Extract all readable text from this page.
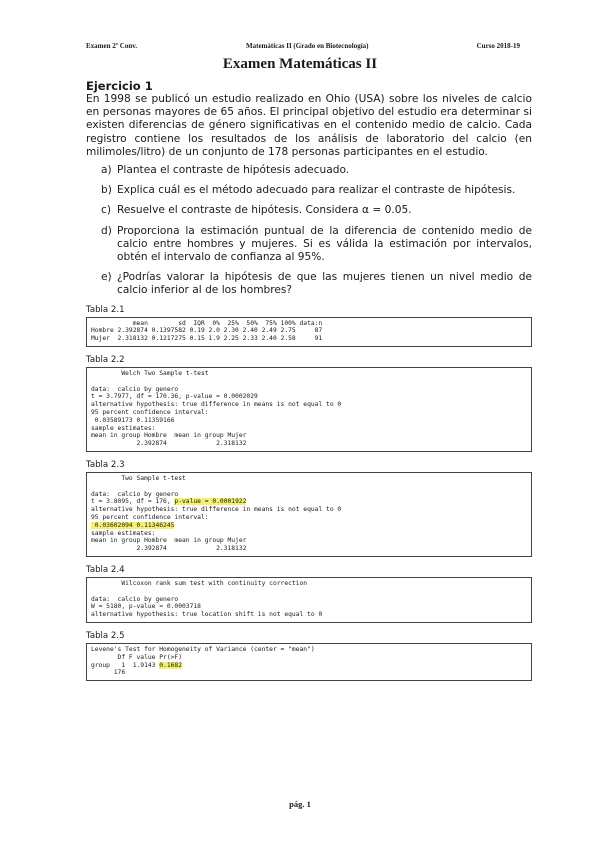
Examen 2º Conv.	Matemáticas II (Grado en Biotecnología)	Curso 2018-19
Examen Matemáticas II

Ejercicio 1

En 1998 se publicó un estudio realizado en Ohio (USA) sobre los niveles de calcio en personas mayores de 65 años. El principal objetivo del estudio era determinar si existen diferencias de género significativas en el contenido medio de calcio. Cada registro contiene los resultados de los análisis de laboratorio del calcio (en milimoles/litro) de un conjunto de 178 personas participantes en el estudio.

a) Plantea el contraste de hipótesis adecuado.
b) Explica cuál es el método adecuado para realizar el contraste de hipótesis.
c) Resuelve el contraste de hipótesis. Considera α = 0.05.
d) Proporciona la estimación puntual de la diferencia de contenido medio de calcio entre hombres y mujeres. Si es válida la estimación por intervalos, obtén el intervalo de confianza al 95%.
e) ¿Podrías valorar la hipótesis de que las mujeres tienen un nivel medio de calcio inferior al de los hombres?

Tabla 2.1

mean        sd  IQR  0%  25%  50%  75% 100% data:n
Hombre 2.392874 0.1397582 0.19 2.0 2.30 2.40 2.49 2.75     87
Mujer  2.318132 0.1217275 0.15 1.9 2.25 2.33 2.40 2.58     91

Tabla 2.2

Welch Two Sample t-test

data:  calcio by genero
t = 3.7977, df = 170.36, p-value = 0.0002029
alternative hypothesis: true difference in means is not equal to 0
95 percent confidence interval:
0.03589173 0.11359166
sample estimates:
mean in group Hombre  mean in group Mujer
2.392874             2.318132

Tabla 2.3

Two Sample t-test

data:  calcio by genero
t = 3.8095, df = 176, p-value = 0.0001922
alternative hypothesis: true difference in means is not equal to 0
95 percent confidence interval:
0.03602094 0.11346245
sample estimates:
mean in group Hombre  mean in group Mujer
2.392874             2.318132

Tabla 2.4

Wilcoxon rank sum test with continuity correction

data:  calcio by genero
W = 5180, p-value = 0.0003718
alternative hypothesis: true location shift is not equal to 0

Tabla 2.5

Levene's Test for Homogeneity of Variance (center = "mean")
Df F value Pr(>F)
group   1  1.9143 0.1682
176
pág. 1
